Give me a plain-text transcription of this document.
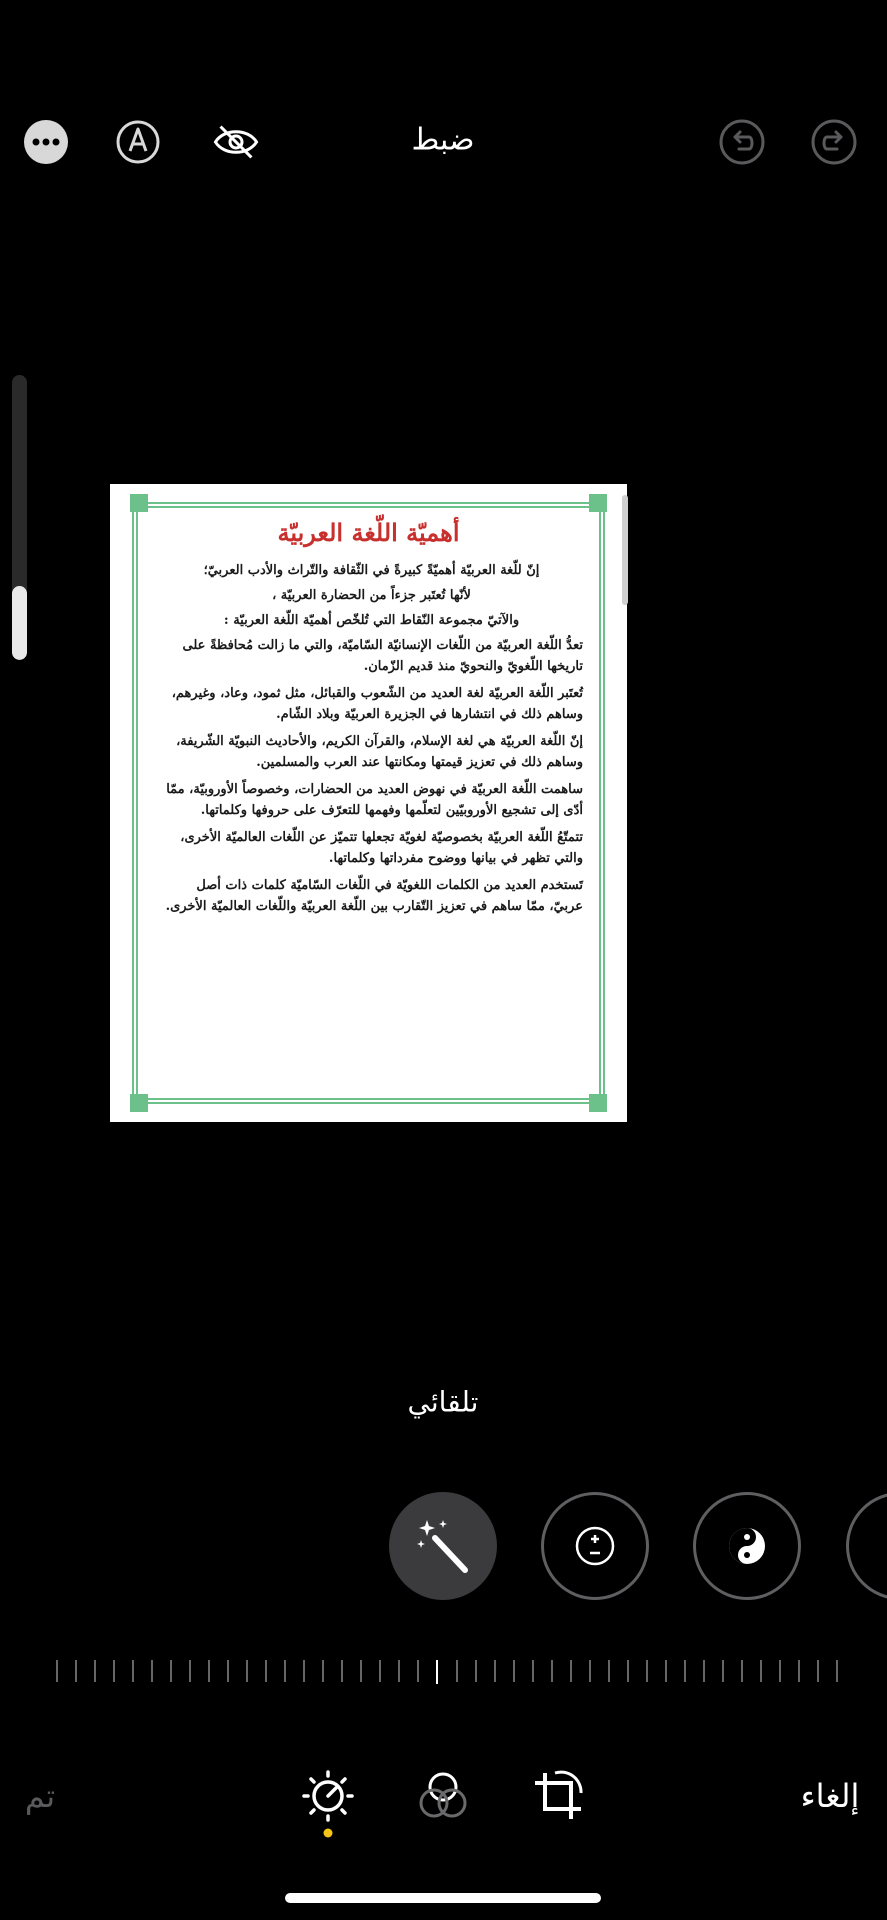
ضبط
أهميّة اللّغة العربيّة

إنّ للّغة العربيّة أهميّةً كبيرةً في الثّقافة والتّراث والأدب العربيّ؛

لأنّها تُعتَبر جزءاً من الحضارة العربيّة ،

والآتيّ مجموعة النّقاط التي تُلخّص أهميّة اللّغة العربيّة :

تعدُّ اللّغة العربيّة من اللّغات الإنسانيّة السّاميّة، والتي ما زالت مُحافظةً على تاريخها اللّغويّ والنحويّ منذ قديم الزّمان.

تُعتَبر اللّغة العربيّة لغة العديد من الشّعوب والقبائل، مثل ثمود، وعاد، وغيرهم، وساهم ذلك في انتشارها في الجزيرة العربيّة وبلاد الشّام.

إنّ اللّغة العربيّة هي لغة الإسلام، والقرآن الكريم، والأحاديث النبويّة الشّريفة، وساهم ذلك في تعزيز قيمتها ومكانتها عند العرب والمسلمين.

ساهمت اللّغة العربيّة في نهوض العديد من الحضارات، وخصوصاً الأوروبيّة، ممّا أدّى إلى تشجيع الأوروبيّين لتعلّمها وفهمها للتعرّف على حروفها وكلماتها.

تتمتّعُ اللّغة العربيّة بخصوصيّة لغويّة تجعلها تتميّز عن اللّغات العالميّة الأخرى، والتي تظهر في بيانها ووضوح مفرداتها وكلماتها.

تَستخدم العديد من الكلمات اللغويّة في اللّغات السّاميّة كلمات ذات أصل عربيّ، ممّا ساهم في تعزيز التّقارب بين اللّغة العربيّة واللّغات العالميّة الأخرى.

تلقائي
تم	إلغاء
